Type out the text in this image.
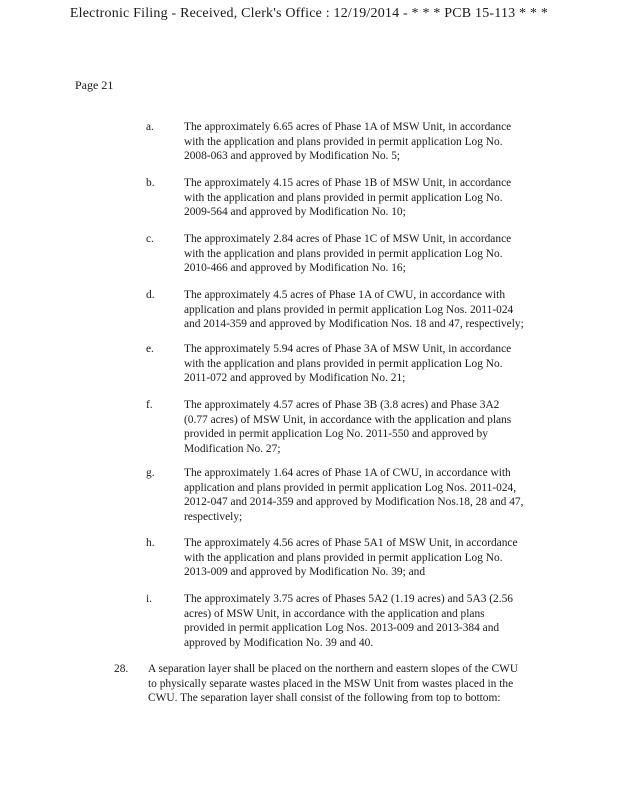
Electronic Filing - Received, Clerk's Office : 12/19/2014 - * * * PCB 15-113 * * *
Page 21
a.	The approximately 6.65 acres of Phase 1A of MSW Unit, in accordance
with the application and plans provided in permit application Log No.
2008-063 and approved by Modification No. 5;
b.	The approximately 4.15 acres of Phase 1B of MSW Unit, in accordance
with the application and plans provided in permit application Log No.
2009-564 and approved by Modification No. 10;
c.	The approximately 2.84 acres of Phase 1C of MSW Unit, in accordance
with the application and plans provided in permit application Log No.
2010-466 and approved by Modification No. 16;
d.	The approximately 4.5 acres of Phase 1A of CWU, in accordance with
application and plans provided in permit application Log Nos. 2011-024
and 2014-359 and approved by Modification Nos. 18 and 47, respectively;
e.	The approximately 5.94 acres of Phase 3A of MSW Unit, in accordance
with the application and plans provided in permit application Log No.
2011-072 and approved by Modification No. 21;
f.	The approximately 4.57 acres of Phase 3B (3.8 acres) and Phase 3A2
(0.77 acres) of MSW Unit, in accordance with the application and plans
provided in permit application Log No. 2011-550 and approved by
Modification No. 27;
g.	The approximately 1.64 acres of Phase 1A of CWU, in accordance with
application and plans provided in permit application Log Nos. 2011-024,
2012-047 and 2014-359 and approved by Modification Nos.18, 28 and 47,
respectively;
h.	The approximately 4.56 acres of Phase 5A1 of MSW Unit, in accordance
with the application and plans provided in permit application Log No.
2013-009 and approved by Modification No. 39; and
i.	The approximately 3.75 acres of Phases 5A2 (1.19 acres) and 5A3 (2.56
acres) of MSW Unit, in accordance with the application and plans
provided in permit application Log Nos. 2013-009 and 2013-384 and
approved by Modification No. 39 and 40.
28. A separation layer shall be placed on the northern and eastern slopes of the CWU
to physically separate wastes placed in the MSW Unit from wastes placed in the
CWU. The separation layer shall consist of the following from top to bottom:
